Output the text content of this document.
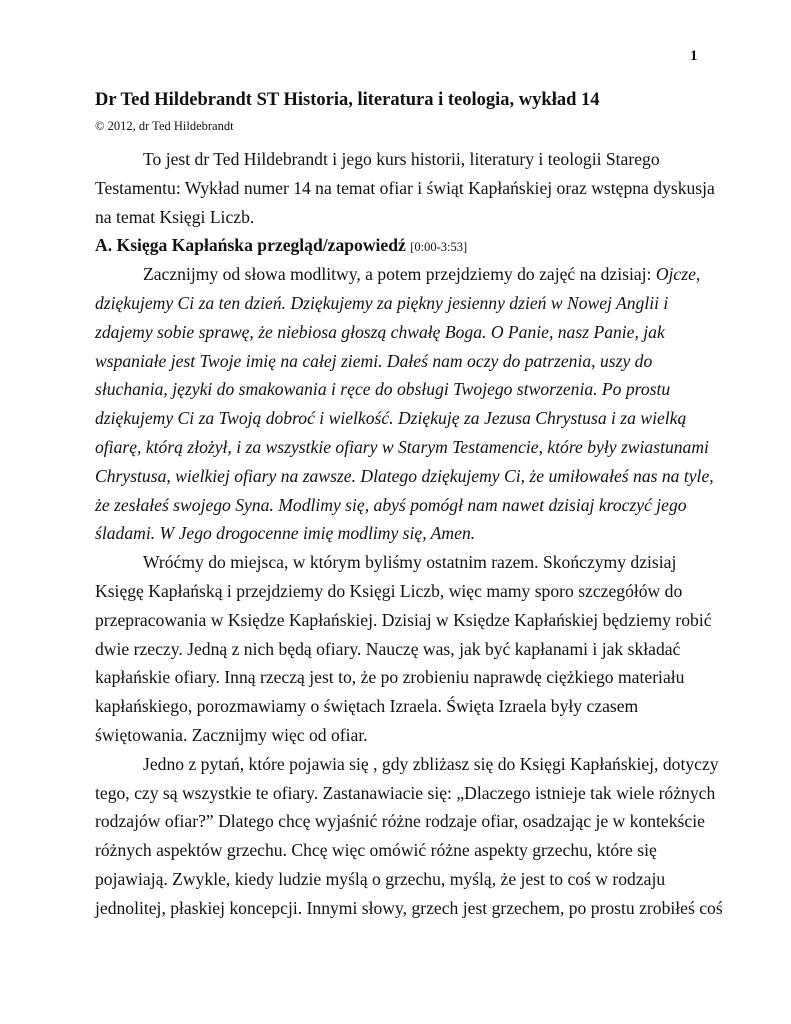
1
Dr Ted Hildebrandt ST Historia, literatura i teologia, wykład 14
© 2012, dr Ted Hildebrandt
To jest dr Ted Hildebrandt i jego kurs historii, literatury i teologii Starego
Testamentu: Wykład numer 14 na temat ofiar i świąt Kapłańskiej oraz wstępna dyskusja
na temat Księgi Liczb.
A. Księga Kapłańska przegląd/zapowiedź [0:00-3:53]
Zacznijmy od słowa modlitwy, a potem przejdziemy do zajęć na dzisiaj: Ojcze,
dziękujemy Ci za ten dzień. Dziękujemy za piękny jesienny dzień w Nowej Anglii i
zdajemy sobie sprawę, że niebiosa głoszą chwałę Boga. O Panie, nasz Panie, jak
wspaniałe jest Twoje imię na całej ziemi. Dałeś nam oczy do patrzenia, uszy do
słuchania, języki do smakowania i ręce do obsługi Twojego stworzenia. Po prostu
dziękujemy Ci za Twoją dobroć i wielkość. Dziękuję za Jezusa Chrystusa i za wielką
ofiarę, którą złożył, i za wszystkie ofiary w Starym Testamencie, które były zwiastunami
Chrystusa, wielkiej ofiary na zawsze. Dlatego dziękujemy Ci, że umiłowałeś nas na tyle,
że zesłałeś swojego Syna. Modlimy się, abyś pomógł nam nawet dzisiaj kroczyć jego
śladami. W Jego drogocenne imię modlimy się, Amen.
Wróćmy do miejsca, w którym byliśmy ostatnim razem. Skończymy dzisiaj
Księgę Kapłańską i przejdziemy do Księgi Liczb, więc mamy sporo szczegółów do
przepracowania w Księdze Kapłańskiej. Dzisiaj w Księdze Kapłańskiej będziemy robić
dwie rzeczy. Jedną z nich będą ofiary. Nauczę was, jak być kapłanami i jak składać
kapłańskie ofiary. Inną rzeczą jest to, że po zrobieniu naprawdę ciężkiego materiału
kapłańskiego, porozmawiamy o świętach Izraela. Święta Izraela były czasem
świętowania. Zacznijmy więc od ofiar.
Jedno z pytań, które pojawia się , gdy zbliżasz się do Księgi Kapłańskiej, dotyczy
tego, czy są wszystkie te ofiary. Zastanawiacie się: „Dlaczego istnieje tak wiele różnych
rodzajów ofiar?” Dlatego chcę wyjaśnić różne rodzaje ofiar, osadzając je w kontekście
różnych aspektów grzechu. Chcę więc omówić różne aspekty grzechu, które się
pojawiają. Zwykle, kiedy ludzie myślą o grzechu, myślą, że jest to coś w rodzaju
jednolitej, płaskiej koncepcji. Innymi słowy, grzech jest grzechem, po prostu zrobiłeś coś
